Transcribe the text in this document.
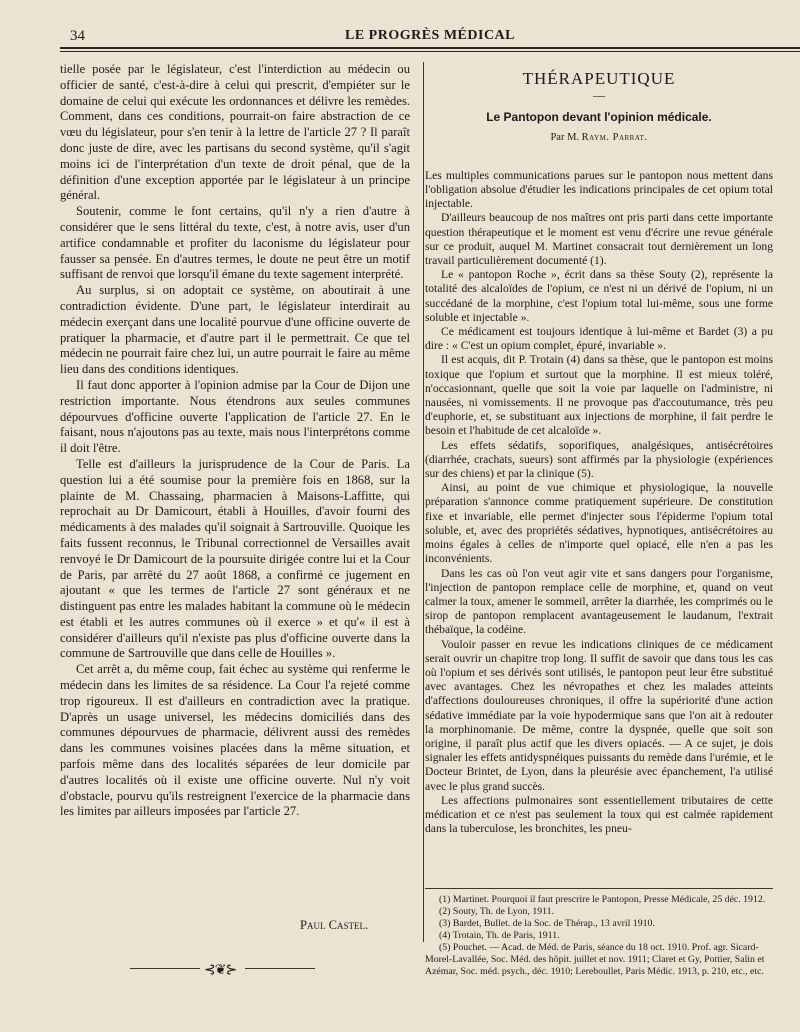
34	LE PROGRÈS MÉDICAL

tielle posée par le législateur, c'est l'interdiction au médecin ou officier de santé, c'est-à-dire à celui qui prescrit, d'empiéter sur le domaine de celui qui exécute les ordonnances et délivre les remèdes. Comment, dans ces conditions, pourrait-on faire abstraction de ce vœu du législateur, pour s'en tenir à la lettre de l'article 27 ? Il paraît donc juste de dire, avec les partisans du second système, qu'il s'agit moins ici de l'interprétation d'un texte de droit pénal, que de la définition d'une exception apportée par le législateur à un principe général.

Soutenir, comme le font certains, qu'il n'y a rien d'autre à considérer que le sens littéral du texte, c'est, à notre avis, user d'un artifice condamnable et profiter du laconisme du législateur pour fausser sa pensée. En d'autres termes, le doute ne peut être un motif suffisant de renvoi que lorsqu'il émane du texte sagement interprété.

Au surplus, si on adoptait ce système, on aboutirait à une contradiction évidente. D'une part, le législateur interdirait au médecin exerçant dans une localité pourvue d'une officine ouverte de pratiquer la pharmacie, et d'autre part il le permettrait. Ce que tel médecin ne pourrait faire chez lui, un autre pourrait le faire au même lieu dans des conditions identiques.

Il faut donc apporter à l'opinion admise par la Cour de Dijon une restriction importante. Nous étendrons aux seules communes dépourvues d'officine ouverte l'application de l'article 27. En le faisant, nous n'ajoutons pas au texte, mais nous l'interprétons comme il doit l'être.

Telle est d'ailleurs la jurisprudence de la Cour de Paris. La question lui a été soumise pour la première fois en 1868, sur la plainte de M. Chassaing, pharmacien à Maisons-Laffitte, qui reprochait au Dr Damicourt, établi à Houilles, d'avoir fourni des médicaments à des malades qu'il soignait à Sartrouville. Quoique les faits fussent reconnus, le Tribunal correctionnel de Versailles avait renvoyé le Dr Damicourt de la poursuite dirigée contre lui et la Cour de Paris, par arrêté du 27 août 1868, a confirmé ce jugement en ajoutant « que les termes de l'article 27 sont généraux et ne distinguent pas entre les malades habitant la commune où le médecin est établi et les autres communes où il exerce » et qu'« il est à considérer d'ailleurs qu'il n'existe pas plus d'officine ouverte dans la commune de Sartrouville que dans celle de Houilles ».

Cet arrêt a, du même coup, fait échec au système qui renferme le médecin dans les limites de sa résidence. La Cour l'a rejeté comme trop rigoureux. Il est d'ailleurs en contradiction avec la pratique. D'après un usage universel, les médecins domiciliés dans des communes dépourvues de pharmacie, délivrent aussi des remèdes dans les communes voisines placées dans la même situation, et parfois même dans des localités séparées de leur domicile par d'autres localités où il existe une officine ouverte. Nul n'y voit d'obstacle, pourvu qu'ils restreignent l'exercice de la pharmacie dans les limites par ailleurs imposées par l'article 27.

Paul Castel.
⊰❦⊱
THÉRAPEUTIQUE
—
Le Pantopon devant l'opinion médicale.
Par M. Raym. Parrat.

Les multiples communications parues sur le pantopon nous mettent dans l'obligation absolue d'étudier les indications principales de cet opium total injectable.

D'ailleurs beaucoup de nos maîtres ont pris parti dans cette importante question thérapeutique et le moment est venu d'écrire une revue générale sur ce produit, auquel M. Martinet consacrait tout dernièrement un long travail particulièrement documenté (1).

Le « pantopon Roche », écrit dans sa thèse Souty (2), représente la totalité des alcaloïdes de l'opium, ce n'est ni un dérivé de l'opium, ni un succédané de la morphine, c'est l'opium total lui-même, sous une forme soluble et injectable ».

Ce médicament est toujours identique à lui-même et Bardet (3) a pu dire : « C'est un opium complet, épuré, invariable ».

Il est acquis, dit P. Trotain (4) dans sa thèse, que le pantopon est moins toxique que l'opium et surtout que la morphine. Il est mieux toléré, n'occasionnant, quelle que soit la voie par laquelle on l'administre, ni nausées, ni vomissements. Il ne provoque pas d'accoutumance, très peu d'euphorie, et, se substituant aux injections de morphine, il fait perdre le besoin et l'habitude de cet alcaloïde ».

Les effets sédatifs, soporifiques, analgésiques, antisécrétoires (diarrhée, crachats, sueurs) sont affirmés par la physiologie (expériences sur des chiens) et par la clinique (5).

Ainsi, au point de vue chimique et physiologique, la nouvelle préparation s'annonce comme pratiquement supérieure. De constitution fixe et invariable, elle permet d'injecter sous l'épiderme l'opium total soluble, et, avec des propriétés sédatives, hypnotiques, antisécrétoires au moins égales à celles de n'importe quel opiacé, elle n'en a pas les inconvénients.

Dans les cas où l'on veut agir vite et sans dangers pour l'organisme, l'injection de pantopon remplace celle de morphine, et, quand on veut calmer la toux, amener le sommeil, arrêter la diarrhée, les comprimés ou le sirop de pantopon remplacent avantageusement le laudanum, l'extrait thébaïque, la codéine.

Vouloir passer en revue les indications cliniques de ce médicament serait ouvrir un chapitre trop long. Il suffit de savoir que dans tous les cas où l'opium et ses dérivés sont utilisés, le pantopon peut leur être substitué avec avantages. Chez les névropathes et chez les malades atteints d'affections douloureuses chroniques, il offre la supériorité d'une action sédative immédiate par la voie hypodermique sans que l'on ait à redouter la morphinomanie. De même, contre la dyspnée, quelle que soit son origine, il paraît plus actif que les divers opiacés. — A ce sujet, je dois signaler les effets antidyspnéiques puissants du remède dans l'urémie, et le Docteur Brintet, de Lyon, dans la pleurésie avec épanchement, l'a utilisé avec le plus grand succès.

Les affections pulmonaires sont essentiellement tributaires de cette médication et ce n'est pas seulement la toux qui est calmée rapidement dans la tuberculose, les bronchites, les pneu-

(1) Martinet. Pourquoi il faut prescrire le Pantopon, Presse Médicale, 25 déc. 1912.
(2) Souty, Th. de Lyon, 1911.
(3) Bardet, Bullet. de la Soc. de Thérap., 13 avril 1910.
(4) Trotain, Th. de Paris, 1911.
(5) Pouchet. — Acad. de Méd. de Paris, séance du 18 oct. 1910. Prof. agr. Sicard-Morel-Lavallée, Soc. Méd. des hôpit. juillet et nov. 1911; Claret et Gy, Pottier, Salin et Azémar, Soc. méd. psych., déc. 1910; Lereboullet, Paris Médic. 1913, p. 210, etc., etc.
